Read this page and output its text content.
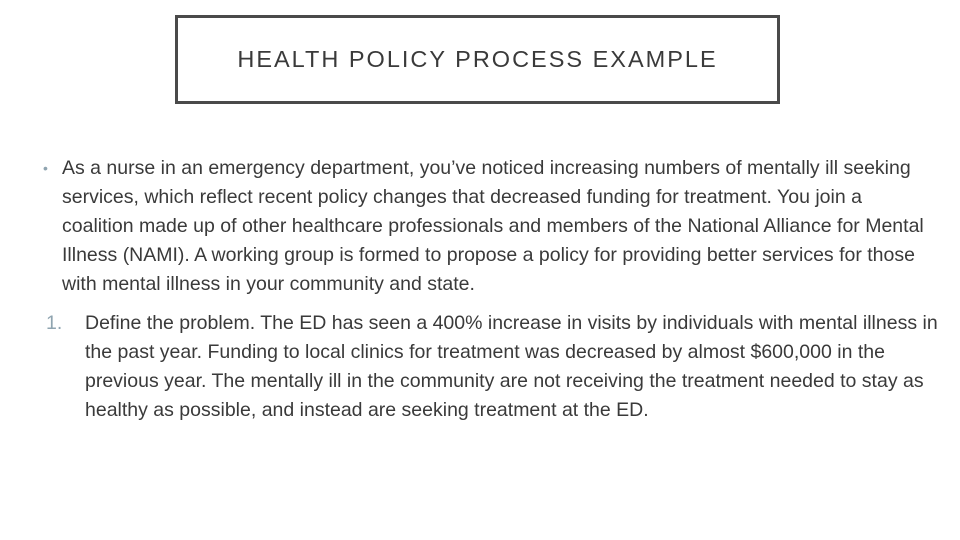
HEALTH POLICY PROCESS EXAMPLE
• As a nurse in an emergency department, you’ve noticed increasing numbers of mentally ill seeking services, which reflect recent policy changes that decreased funding for treatment. You join a coalition made up of other healthcare professionals and members of the National Alliance for Mental Illness (NAMI). A working group is formed to propose a policy for providing better services for those with mental illness in your community and state.
1.	Define the problem. The ED has seen a 400% increase in visits by individuals with mental illness in the past year. Funding to local clinics for treatment was decreased by almost $600,000 in the previous year. The mentally ill in the community are not receiving the treatment needed to stay as healthy as possible, and instead are seeking treatment at the ED.
